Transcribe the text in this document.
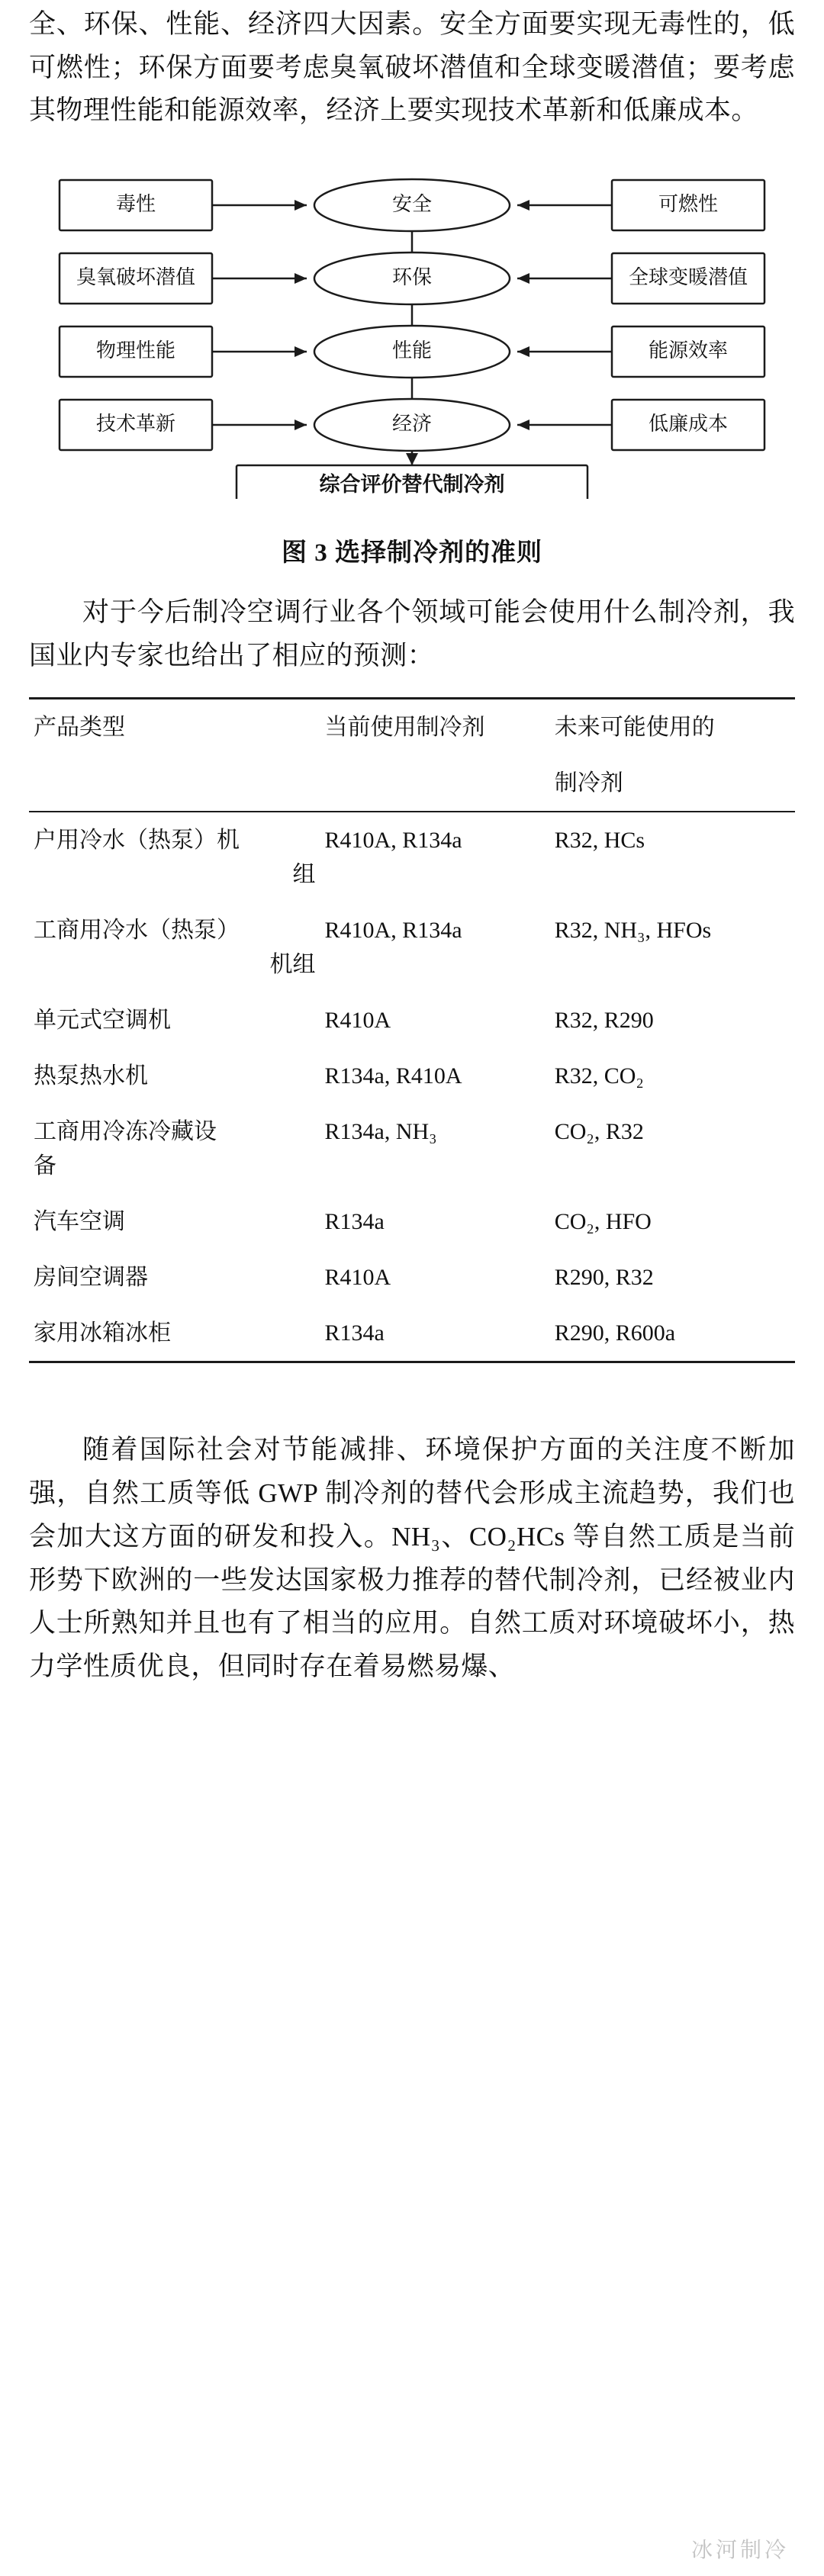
全、环保、性能、经济四大因素。安全方面要实现无毒性的，低可燃性；环保方面要考虑臭氧破坏潜值和全球变暖潜值；要考虑其物理性能和能源效率，经济上要实现技术革新和低廉成本。

毒性
臭氧破坏潜值
物理性能
技术革新
可燃性
全球变暖潜值
能源效率
低廉成本
安全
环保
性能
经济
综合评价替代制冷剂
图 3 选择制冷剂的准则

对于今后制冷空调行业各个领域可能会使用什么制冷剂，我国业内专家也给出了相应的预测：

产品类型	当前使用制冷剂	未来可能使用的
		制冷剂
户用冷水（热泵）机
组	R410A, R134a	R32, HCs
工商用冷水（热泵）
机组	R410A, R134a	R32, NH₃, HFOs
单元式空调机	R410A	R32, R290
热泵热水机	R134a, R410A	R32, CO₂
工商用冷冻冷藏设
备	R134a, NH₃	CO₂, R32
汽车空调	R134a	CO₂, HFO
房间空调器	R410A	R290, R32
家用冰箱冰柜	R134a	R290, R600a

随着国际社会对节能减排、环境保护方面的关注度不断加强，自然工质等低 GWP 制冷剂的替代会形成主流趋势，我们也会加大这方面的研发和投入。NH₃、CO₂HCs 等自然工质是当前形势下欧洲的一些发达国家极力推荐的替代制冷剂，已经被业内人士所熟知并且也有了相当的应用。自然工质对环境破坏小，热力学性质优良，但同时存在着易燃易爆、

冰河制冷
